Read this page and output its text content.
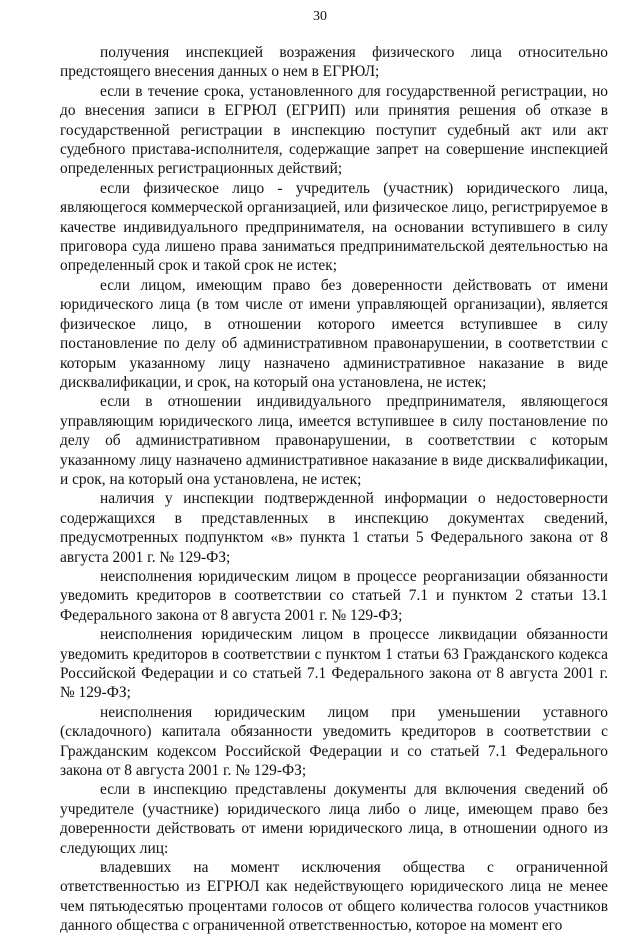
30

получения инспекцией возражения физического лица относительно предстоящего внесения данных о нем в ЕГРЮЛ;

если в течение срока, установленного для государственной регистрации, но до внесения записи в ЕГРЮЛ (ЕГРИП) или принятия решения об отказе в государственной регистрации в инспекцию поступит судебный акт или акт судебного пристава-исполнителя, содержащие запрет на совершение инспекцией определенных регистрационных действий;

если физическое лицо - учредитель (участник) юридического лица, являющегося коммерческой организацией, или физическое лицо, регистрируемое в качестве индивидуального предпринимателя, на основании вступившего в силу приговора суда лишено права заниматься предпринимательской деятельностью на определенный срок и такой срок не истек;

если лицом, имеющим право без доверенности действовать от имени юридического лица (в том числе от имени управляющей организации), является физическое лицо, в отношении которого имеется вступившее в силу постановление по делу об административном правонарушении, в соответствии с которым указанному лицу назначено административное наказание в виде дисквалификации, и срок, на который она установлена, не истек;

если в отношении индивидуального предпринимателя, являющегося управляющим юридического лица, имеется вступившее в силу постановление по делу об административном правонарушении, в соответствии с которым указанному лицу назначено административное наказание в виде дисквалификации, и срок, на который она установлена, не истек;

наличия у инспекции подтвержденной информации о недостоверности содержащихся в представленных в инспекцию документах сведений, предусмотренных подпунктом «в» пункта 1 статьи 5 Федерального закона от 8 августа 2001 г. № 129-ФЗ;

неисполнения юридическим лицом в процессе реорганизации обязанности уведомить кредиторов в соответствии со статьей 7.1 и пунктом 2 статьи 13.1 Федерального закона от 8 августа 2001 г. № 129-ФЗ;

неисполнения юридическим лицом в процессе ликвидации обязанности уведомить кредиторов в соответствии с пунктом 1 статьи 63 Гражданского кодекса Российской Федерации и со статьей 7.1 Федерального закона от 8 августа 2001 г. № 129-ФЗ;

неисполнения юридическим лицом при уменьшении уставного (складочного) капитала обязанности уведомить кредиторов в соответствии с Гражданским кодексом Российской Федерации и со статьей 7.1 Федерального закона от 8 августа 2001 г. № 129-ФЗ;

если в инспекцию представлены документы для включения сведений об учредителе (участнике) юридического лица либо о лице, имеющем право без доверенности действовать от имени юридического лица, в отношении одного из следующих лиц:

владевших на момент исключения общества с ограниченной ответственностью из ЕГРЮЛ как недействующего юридического лица не менее чем пятьюдесятью процентами голосов от общего количества голосов участников данного общества с ограниченной ответственностью, которое на момент его
